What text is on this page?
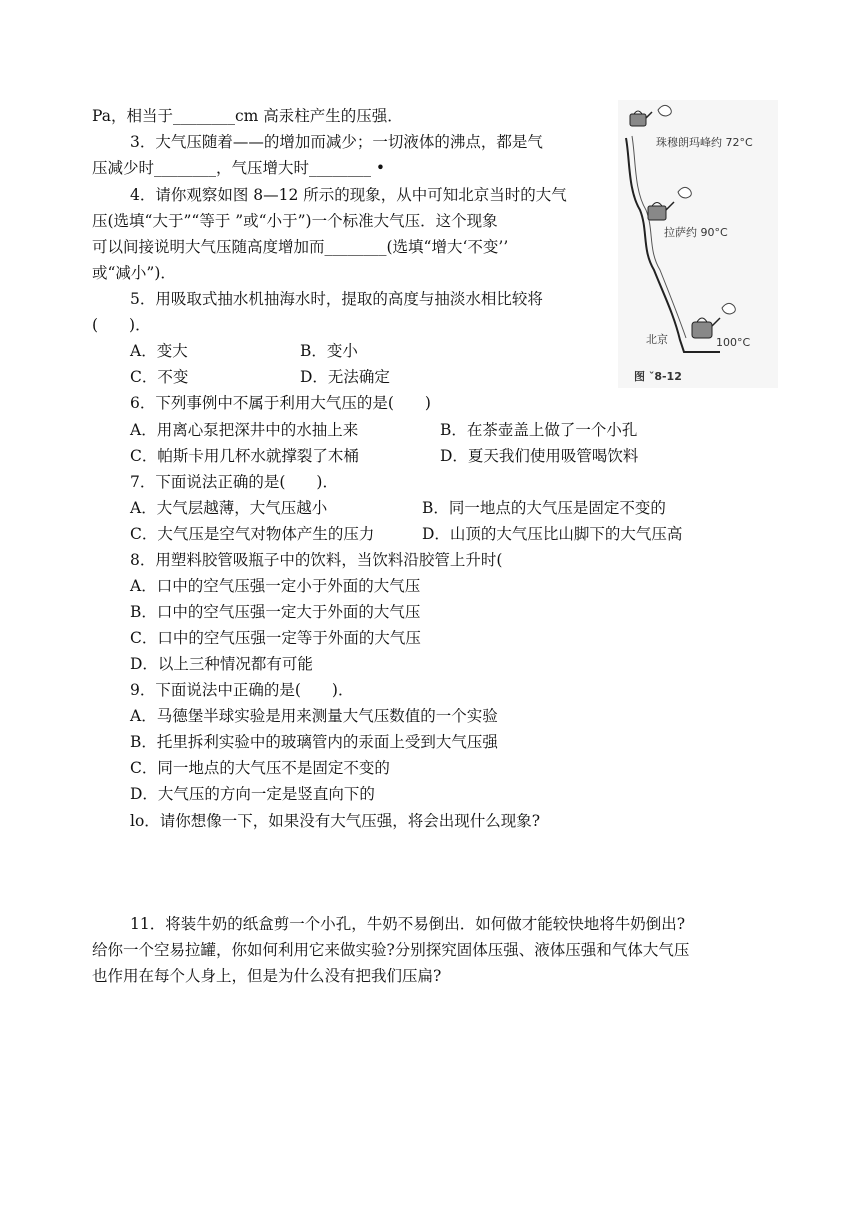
珠穆朗玛峰约 72°C
拉萨约 90°C
北京	100°C
图 ˇ8-12
Pa，相当于________cm 高汞柱产生的压强．
3．大气压随着——的增加而减少；一切液体的沸点，都是气
压减少时________，气压增大时________ •
4．请你观察如图 8—12 所示的现象，从中可知北京当时的大气
压(选填“大于”“等于 ”或“小于”)一个标准大气压．这个现象
可以间接说明大气压随高度增加而________(选填“增大‘不变’’
或“减小”)．
5．用吸取式抽水机抽海水时，提取的高度与抽淡水相比较将
(　　)．
A．变大	B．变小
C．不变	D．无法确定
6．下列事例中不属于利用大气压的是(　　)
A．用离心泵把深井中的水抽上来	B．在茶壶盖上做了一个小孔
C．帕斯卡用几杯水就撑裂了木桶	D．夏天我们使用吸管喝饮料
7．下面说法正确的是(　　)．
A．大气层越薄，大气压越小	B．同一地点的大气压是固定不变的
C．大气压是空气对物体产生的压力	D．山顶的大气压比山脚下的大气压高
8．用塑料胶管吸瓶子中的饮料，当饮料沿胶管上升时(
A．口中的空气压强一定小于外面的大气压
B．口中的空气压强一定大于外面的大气压
C．口中的空气压强一定等于外面的大气压
D．以上三种情况都有可能
9．下面说法中正确的是(　　)．
A．马德堡半球实验是用来测量大气压数值的一个实验
B．托里拆利实验中的玻璃管内的汞面上受到大气压强
C．同一地点的大气压不是固定不变的
D．大气压的方向一定是竖直向下的
lo．请你想像一下，如果没有大气压强，将会出现什么现象?
11．将装牛奶的纸盒剪一个小孔，牛奶不易倒出．如何做才能较快地将牛奶倒出?
给你一个空易拉罐，你如何利用它来做实验?分别探究固体压强、液体压强和气体大气压
也作用在每个人身上，但是为什么没有把我们压扁?
